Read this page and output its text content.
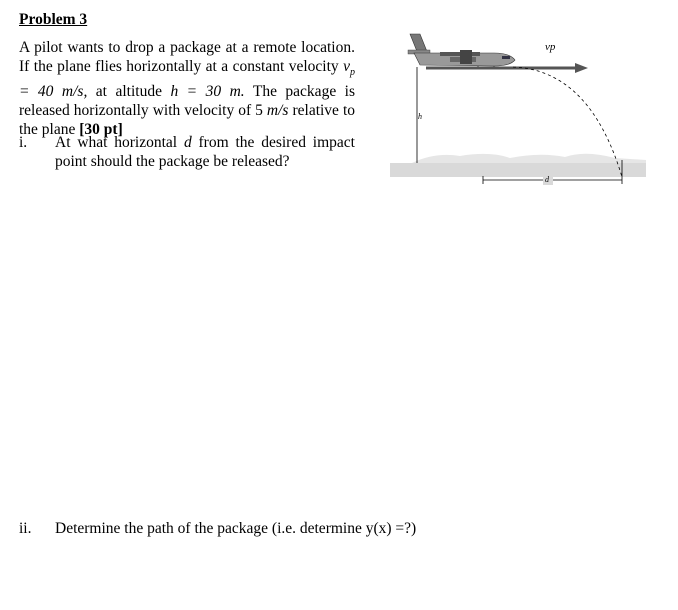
Problem 3
A pilot wants to drop a package at a remote location. If the plane flies horizontally at a constant velocity $v_p = 40$ m/s, at altitude h = 30 m. The package is released horizontally with velocity of 5 m/s relative to the plane [30 pt]
i. At what horizontal d from the desired impact point should the package be released?
ii. Determine the path of the package (i.e. determine y(x) =?)
h
vp
d
